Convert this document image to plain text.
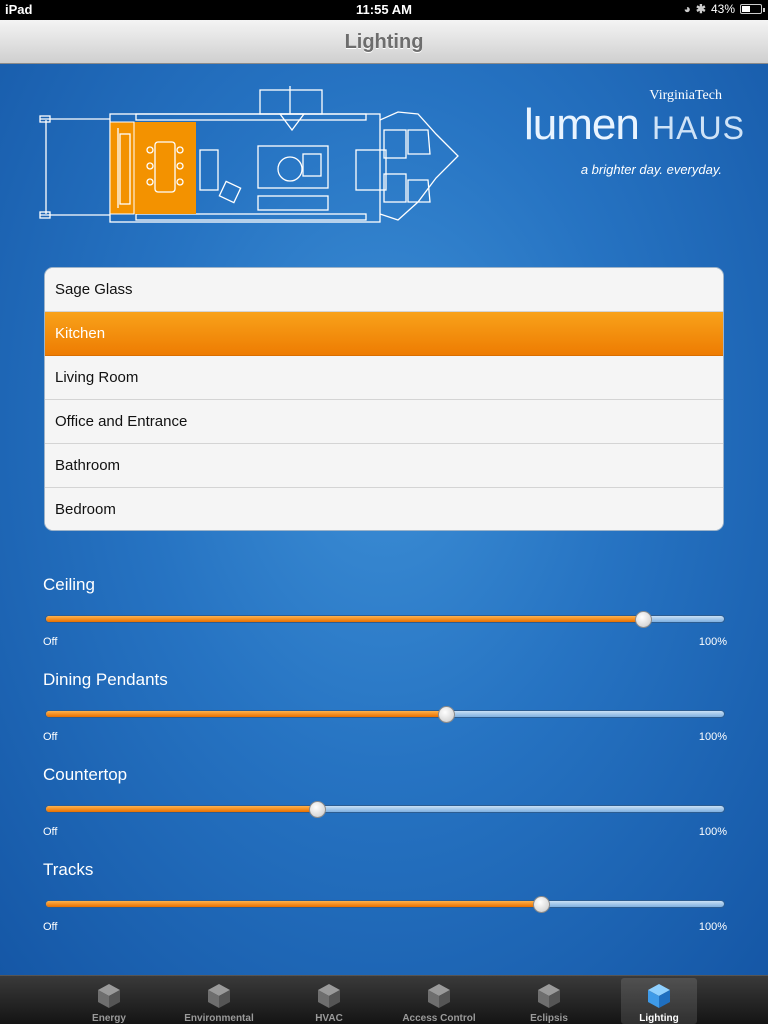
iPad	11:55 AM	◕ ✱ 43%
Lighting
VirginiaTech
lumen HAUS
a brighter day. everyday.
Sage Glass
Kitchen
Living Room
Office and Entrance
Bathroom
Bedroom
Ceiling
Off	100%
Dining Pendants
Off	100%
Countertop
Off	100%
Tracks
Off	100%
Energy	Environmental	HVAC	Access Control	Eclipsis	Lighting
